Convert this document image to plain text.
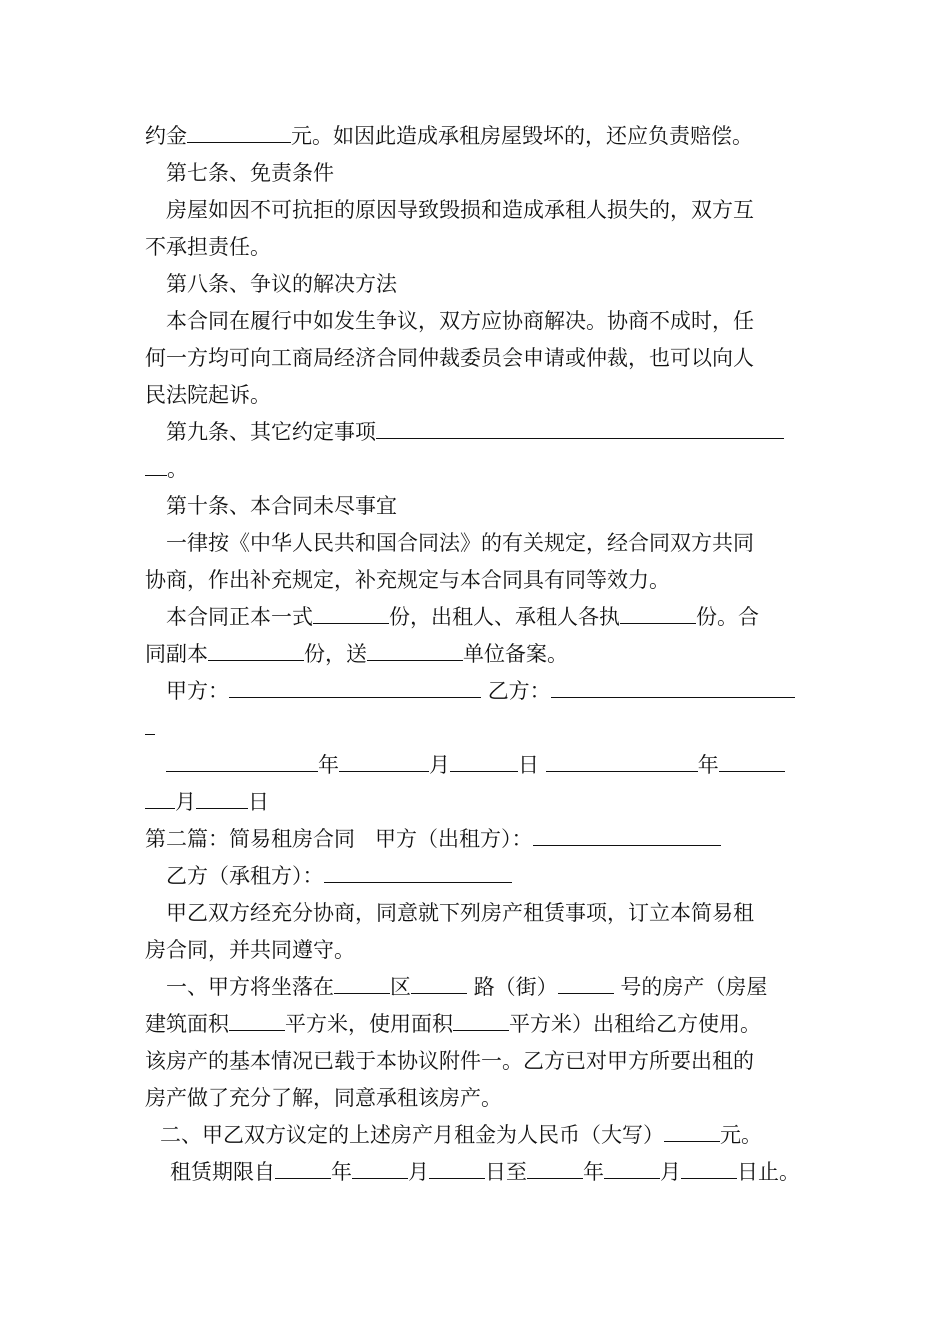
约金	元。如因此造成承租房屋毁坏的，还应负责赔偿。
第七条、免责条件
房屋如因不可抗拒的原因导致毁损和造成承租人损失的，双方互
不承担责任。
第八条、争议的解决方法
本合同在履行中如发生争议，双方应协商解决。协商不成时，任
何一方均可向工商局经济合同仲裁委员会申请或仲裁，也可以向人
民法院起诉。
第九条、其它约定事项
。
第十条、本合同未尽事宜
一律按《中华人民共和国合同法》的有关规定，经合同双方共同
协商，作出补充规定，补充规定与本合同具有同等效力。
本合同正本一式	份，出租人、承租人各执	份。合
同副本	份，送	单位备案。
甲方：	乙方：
年	月	日	年
月 日
第二篇：简易租房合同 甲方（出租方）：
乙方（承租方）：
甲乙双方经充分协商，同意就下列房产租赁事项，订立本简易租
房合同，并共同遵守。
一、甲方将坐落在	区	路（街）	号的房产（房屋
建筑面积	平方米，使用面积	平方米）出租给乙方使用。
该房产的基本情况已载于本协议附件一。乙方已对甲方所要出租的
房产做了充分了解，同意承租该房产。
二、甲乙双方议定的上述房产月租金为人民币（大写）	元。
租赁期限自	年	月	日至	年	月	日止。
